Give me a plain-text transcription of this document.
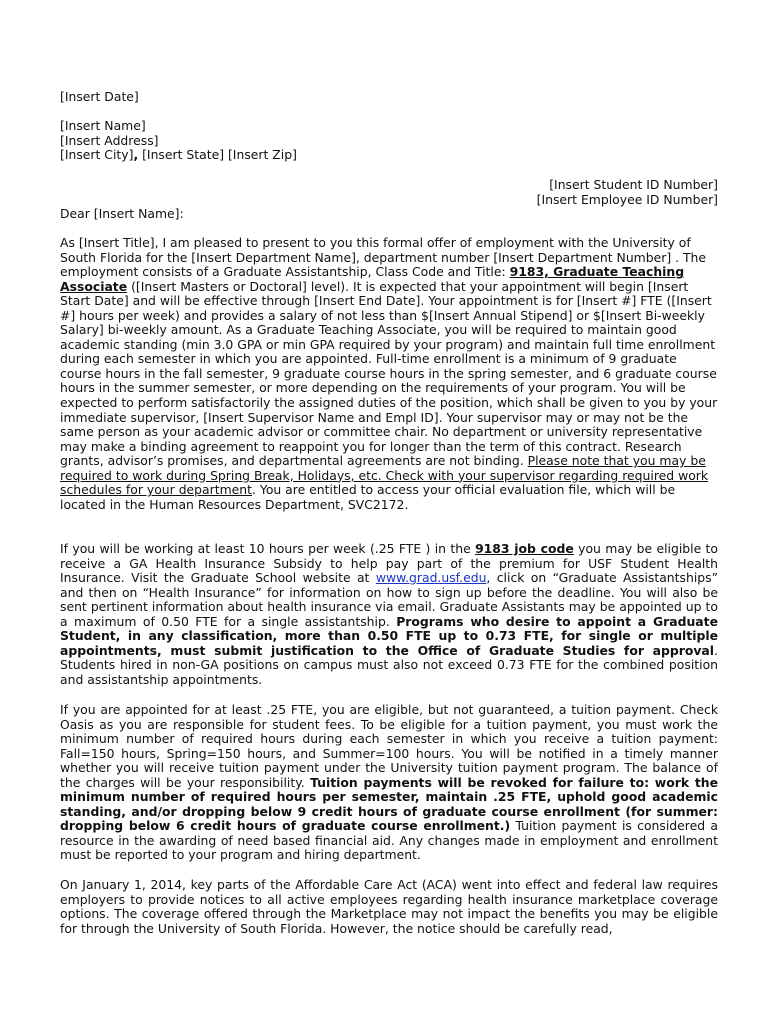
[Insert Date]
[Insert Name]
[Insert Address]
[Insert City], [Insert State] [Insert Zip]
[Insert Student ID Number]
[Insert Employee ID Number]
Dear [Insert Name]:

As [Insert Title], I am pleased to present to you this formal offer of employment with the University of South Florida for the [Insert Department Name], department number [Insert Department Number] . The employment consists of a Graduate Assistantship, Class Code and Title: 9183, Graduate Teaching Associate ([Insert Masters or Doctoral] level). It is expected that your appointment will begin [Insert Start Date] and will be effective through [Insert End Date]. Your appointment is for [Insert #] FTE ([Insert #] hours per week) and provides a salary of not less than $[Insert Annual Stipend] or $[Insert Bi-weekly Salary] bi-weekly amount. As a Graduate Teaching Associate, you will be required to maintain good academic standing (min 3.0 GPA or min GPA required by your program) and maintain full time enrollment during each semester in which you are appointed. Full-time enrollment is a minimum of 9 graduate course hours in the fall semester, 9 graduate course hours in the spring semester, and 6 graduate course hours in the summer semester, or more depending on the requirements of your program. You will be expected to perform satisfactorily the assigned duties of the position, which shall be given to you by your immediate supervisor, [Insert Supervisor Name and Empl ID]. Your supervisor may or may not be the same person as your academic advisor or committee chair. No department or university representative may make a binding agreement to reappoint you for longer than the term of this contract. Research grants, advisor’s promises, and departmental agreements are not binding. Please note that you may be required to work during Spring Break, Holidays, etc. Check with your supervisor regarding required work schedules for your department. You are entitled to access your official evaluation file, which will be located in the Human Resources Department, SVC2172.

If you will be working at least 10 hours per week (.25 FTE ) in the 9183 job code you may be eligible to receive a GA Health Insurance Subsidy to help pay part of the premium for USF Student Health Insurance. Visit the Graduate School website at www.grad.usf.edu, click on “Graduate Assistantships” and then on “Health Insurance” for information on how to sign up before the deadline. You will also be sent pertinent information about health insurance via email. Graduate Assistants may be appointed up to a maximum of 0.50 FTE for a single assistantship. Programs who desire to appoint a Graduate Student, in any classification, more than 0.50 FTE up to 0.73 FTE, for single or multiple appointments, must submit justification to the Office of Graduate Studies for approval. Students hired in non-GA positions on campus must also not exceed 0.73 FTE for the combined position and assistantship appointments.

If you are appointed for at least .25 FTE, you are eligible, but not guaranteed, a tuition payment. Check Oasis as you are responsible for student fees. To be eligible for a tuition payment, you must work the minimum number of required hours during each semester in which you receive a tuition payment: Fall=150 hours, Spring=150 hours, and Summer=100 hours. You will be notified in a timely manner whether you will receive tuition payment under the University tuition payment program. The balance of the charges will be your responsibility. Tuition payments will be revoked for failure to: work the minimum number of required hours per semester, maintain .25 FTE, uphold good academic standing, and/or dropping below 9 credit hours of graduate course enrollment (for summer: dropping below 6 credit hours of graduate course enrollment.) Tuition payment is considered a resource in the awarding of need based financial aid. Any changes made in employment and enrollment must be reported to your program and hiring department.

On January 1, 2014, key parts of the Affordable Care Act (ACA) went into effect and federal law requires employers to provide notices to all active employees regarding health insurance marketplace coverage options. The coverage offered through the Marketplace may not impact the benefits you may be eligible for through the University of South Florida. However, the notice should be carefully read,
